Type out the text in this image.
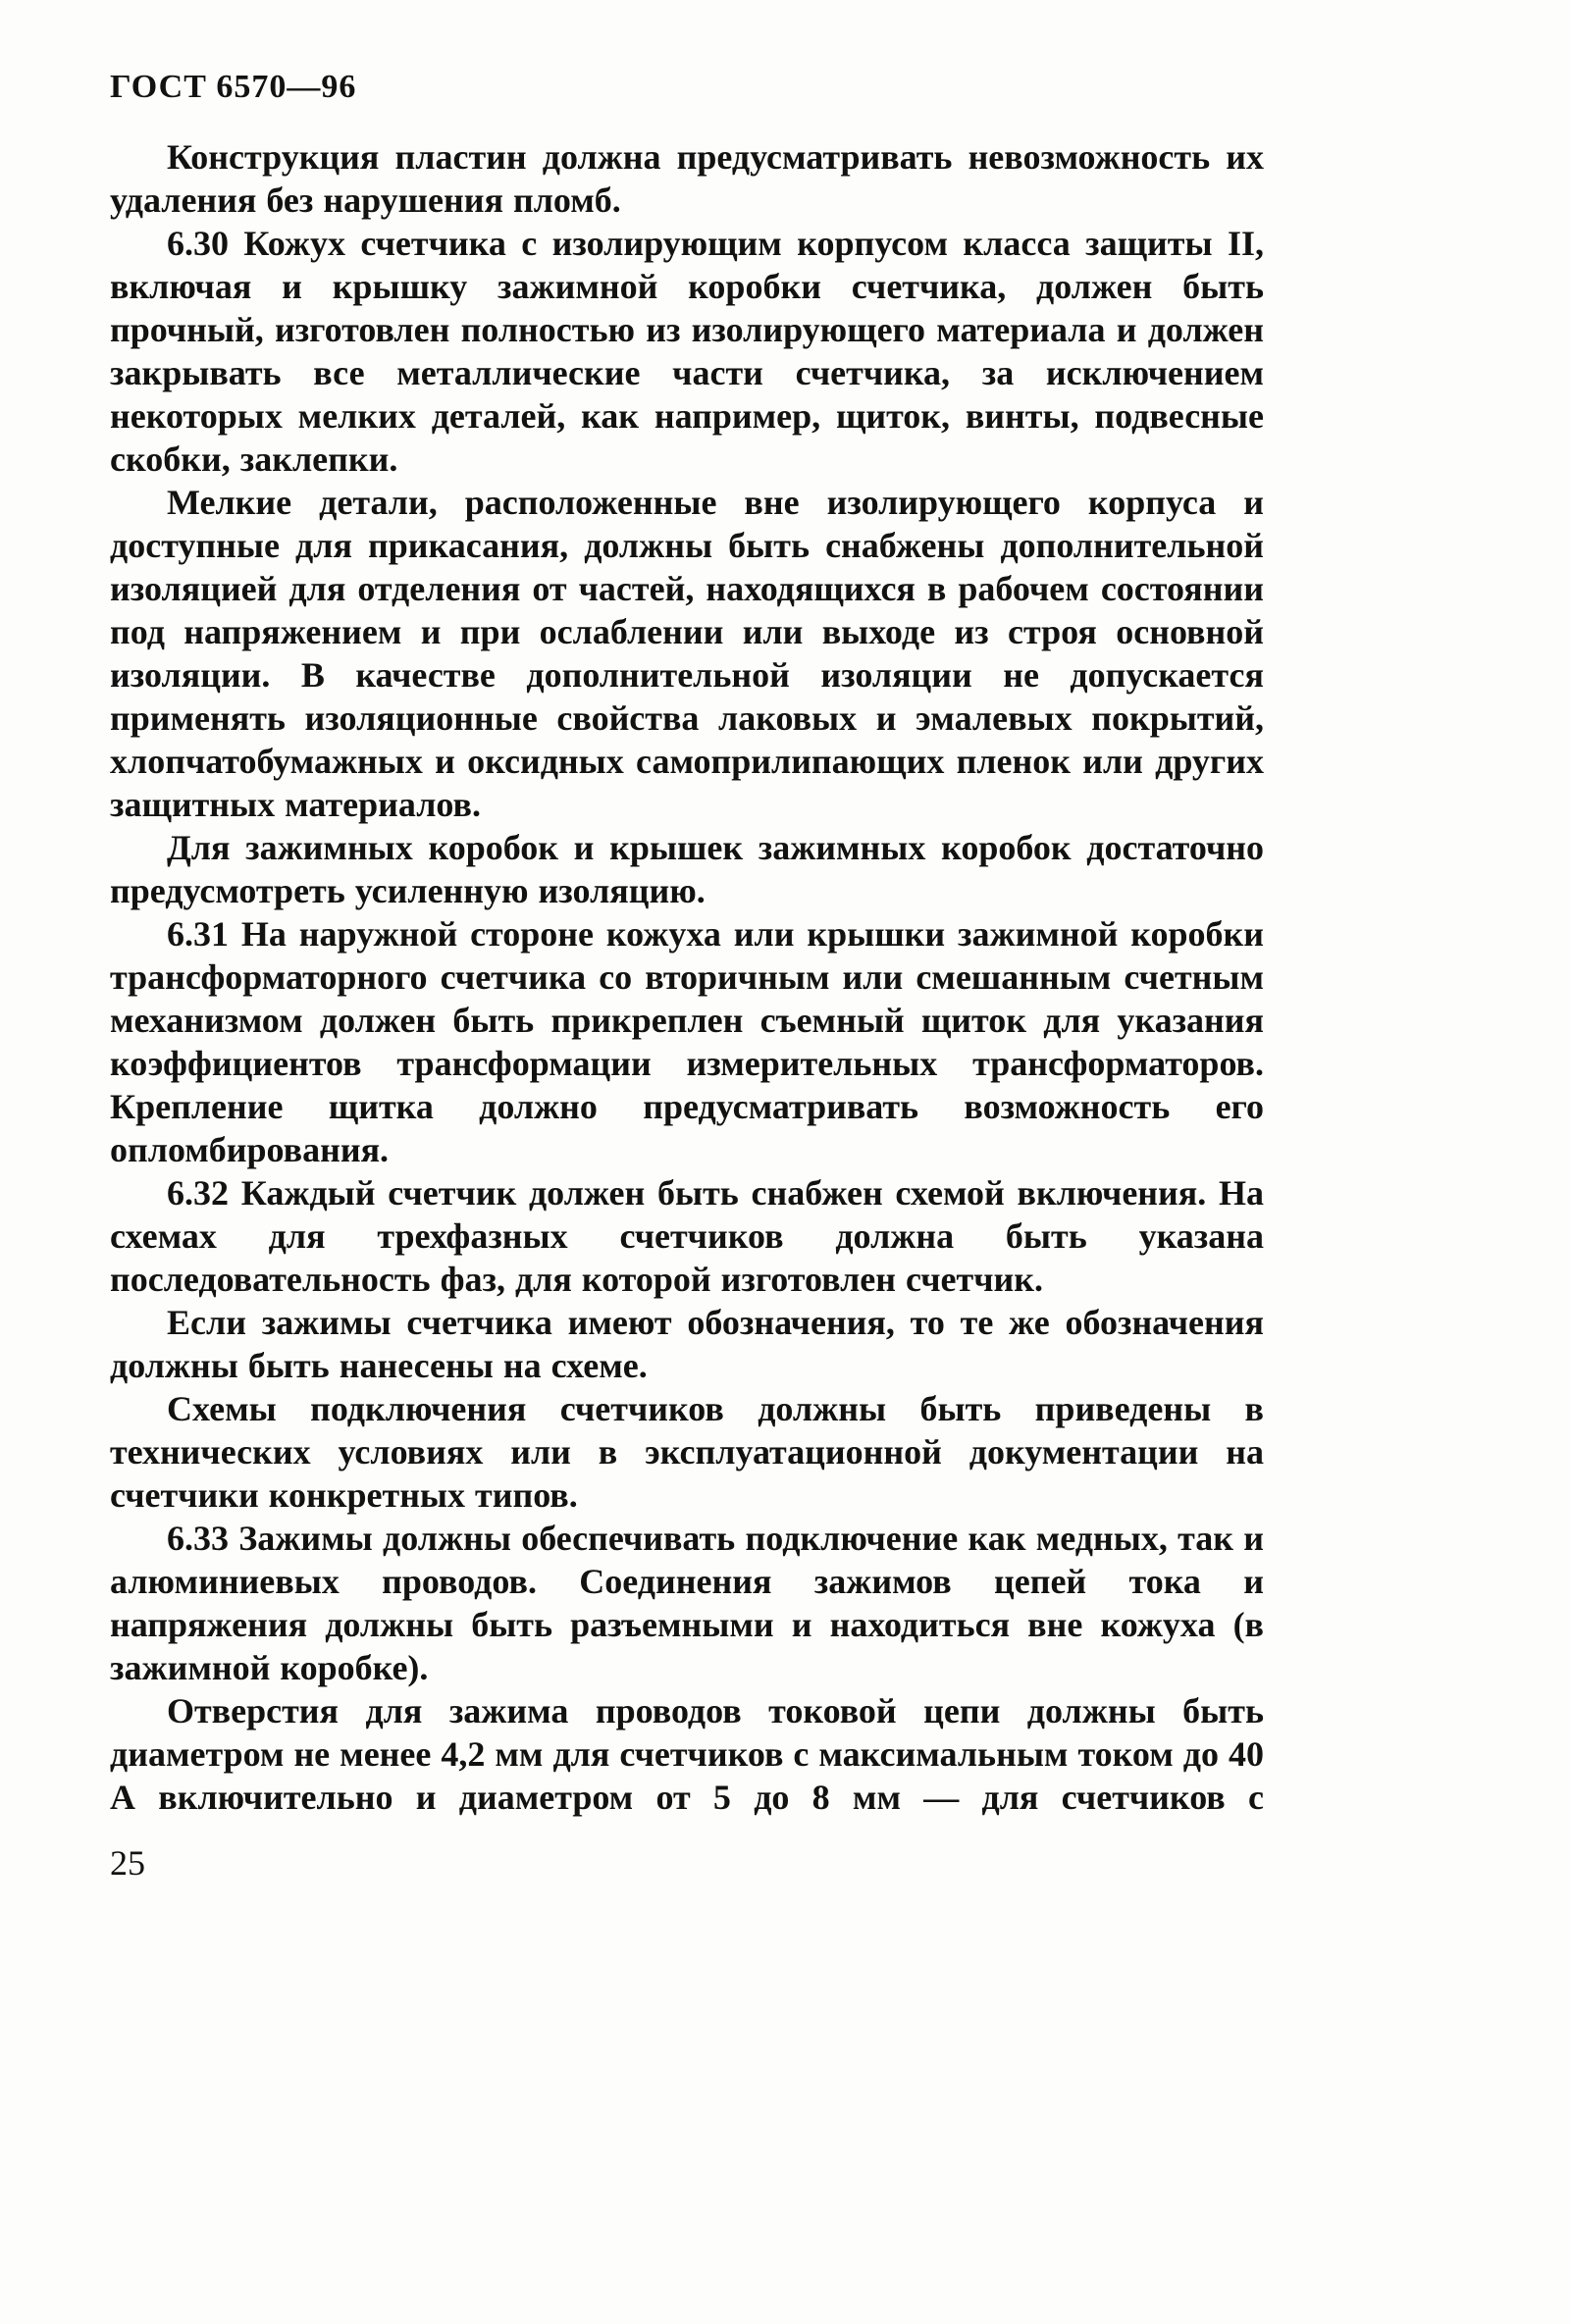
ГОСТ 6570—96

Конструкция пластин должна предусматривать невозможность их удаления без нарушения пломб.

6.30 Кожух счетчика с изолирующим корпусом класса защиты II, включая и крышку зажимной коробки счетчика, должен быть прочный, изготовлен полностью из изолирующего материала и должен закрывать все металлические части счетчика, за исключением некоторых мелких деталей, как например, щиток, винты, подвесные скобки, заклепки.

Мелкие детали, расположенные вне изолирующего корпуса и доступные для прикасания, должны быть снабжены дополнительной изоляцией для отделения от частей, находящихся в рабочем состоянии под напряжением и при ослаблении или выходе из строя основной изоляции. В качестве дополнительной изоляции не допускается применять изоляционные свойства лаковых и эмалевых покрытий, хлопчатобумажных и оксидных самоприлипающих пленок или других защитных материалов.

Для зажимных коробок и крышек зажимных коробок достаточно предусмотреть усиленную изоляцию.

6.31 На наружной стороне кожуха или крышки зажимной коробки трансформаторного счетчика со вторичным или смешанным счетным механизмом должен быть прикреплен съемный щиток для указания коэффициентов трансформации измерительных трансформаторов. Крепление щитка должно предусматривать возможность его опломбирования.

6.32 Каждый счетчик должен быть снабжен схемой включения. На схемах для трехфазных счетчиков должна быть указана последовательность фаз, для которой изготовлен счетчик.

Если зажимы счетчика имеют обозначения, то те же обозначения должны быть нанесены на схеме.

Схемы подключения счетчиков должны быть приведены в технических условиях или в эксплуатационной документации на счетчики конкретных типов.

6.33 Зажимы должны обеспечивать подключение как медных, так и алюминиевых проводов. Соединения зажимов цепей тока и напряжения должны быть разъемными и находиться вне кожуха (в зажимной коробке).

Отверстия для зажима проводов токовой цепи должны быть диаметром не менее 4,2 мм для счетчиков с максимальным током до 40 А включительно и диаметром от 5 до 8 мм — для счетчиков с

25
